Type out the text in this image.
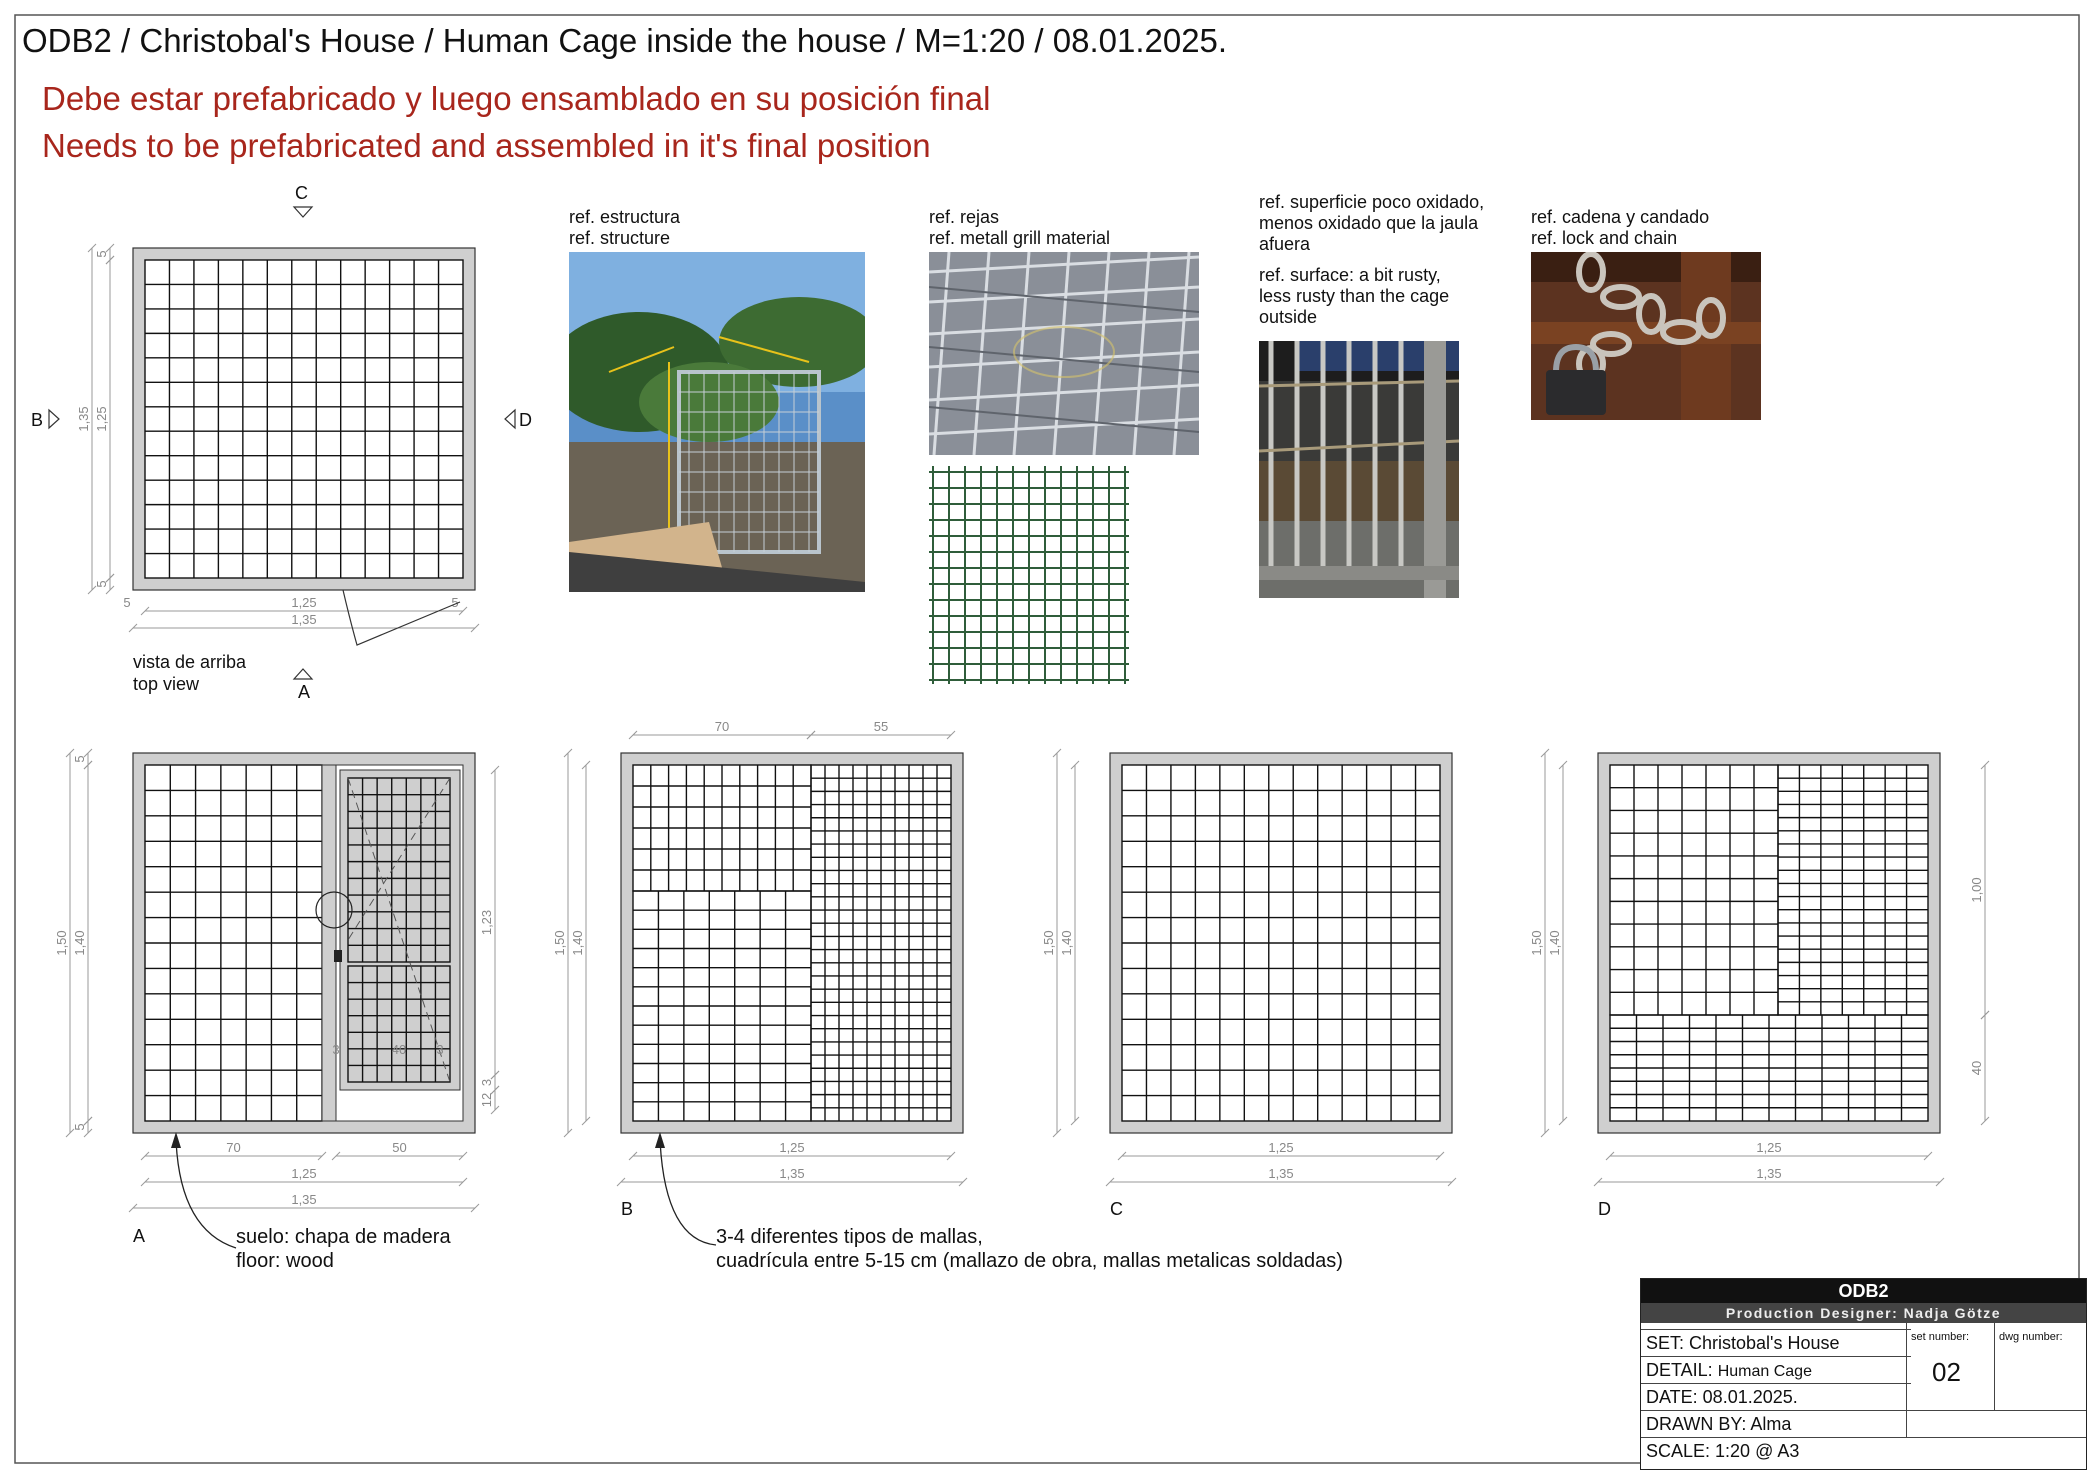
1,35 1,25
5
5
1,25
1,35
5	5
1,50 1,40
5
5
1,23
12
3
3	40 3
70	50
1,25
1,35
70	55
1,50 1,40
1,25
1,35
1,50 1,40
1,25
1,35
1,50 1,40
1,00
40
1,25
1,35
ODB2 / Christobal's House / Human Cage inside the house / M=1:20 / 08.01.2025.
Debe estar prefabricado y luego ensamblado en su posición final
Needs to be prefabricated and assembled in it's final position
vista de arriba
top view
C
A
B	D
ref. estructura
ref. structure
ref. rejas
ref. metall grill material
ref. superficie poco oxidado,
menos oxidado que la jaula
afuera
ref. surface: a bit rusty,
less rusty than the cage
outside
ref. cadena y candado
ref. lock and chain
A
B	C	D
suelo: chapa de madera
floor: wood
3-4 diferentes tipos de mallas,
cuadrícula entre 5-15 cm (mallazo de obra, mallas metalicas soldadas)
ODB2
Production Designer: Nadja Götze
SET: Christobal's House
DETAIL: Human Cage
DATE: 08.01.2025.
DRAWN BY: Alma
SCALE: 1:20 @ A3
set number:	dwg number:
02
